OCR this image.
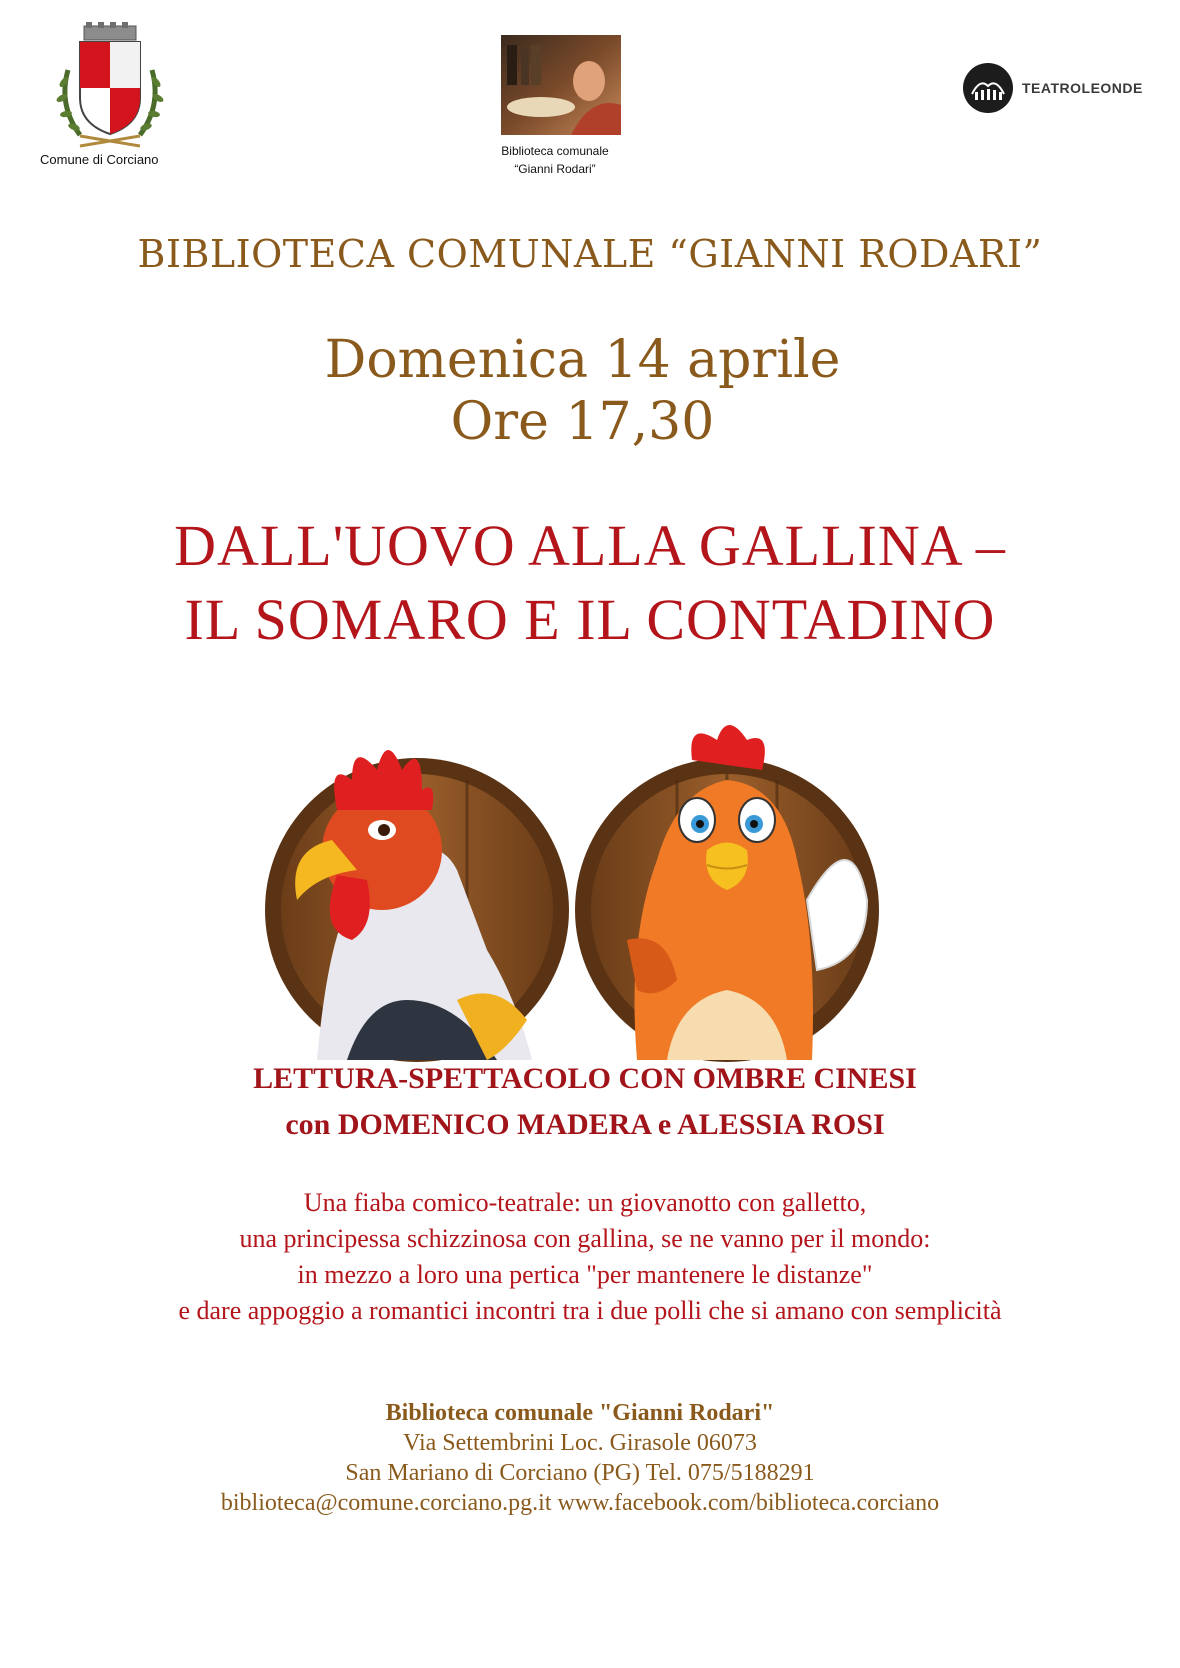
Comune di Corciano
Biblioteca comunale
“Gianni Rodari”
TEATROLEONDE
BIBLIOTECA COMUNALE “GIANNI RODARI”
Domenica 14 aprile
Ore 17,30
DALL'UOVO ALLA GALLINA –
IL SOMARO E IL CONTADINO
LETTURA-SPETTACOLO CON OMBRE CINESI
con DOMENICO MADERA e ALESSIA ROSI
Una fiaba comico-teatrale: un giovanotto con galletto,
una principessa schizzinosa con gallina, se ne vanno per il mondo:
in mezzo a loro una pertica "per mantenere le distanze"
e dare appoggio a romantici incontri tra i due polli che si amano con semplicità
Biblioteca comunale "Gianni Rodari"
Via Settembrini Loc. Girasole 06073
San Mariano di Corciano (PG) Tel. 075/5188291
biblioteca@comune.corciano.pg.it www.facebook.com/biblioteca.corciano
